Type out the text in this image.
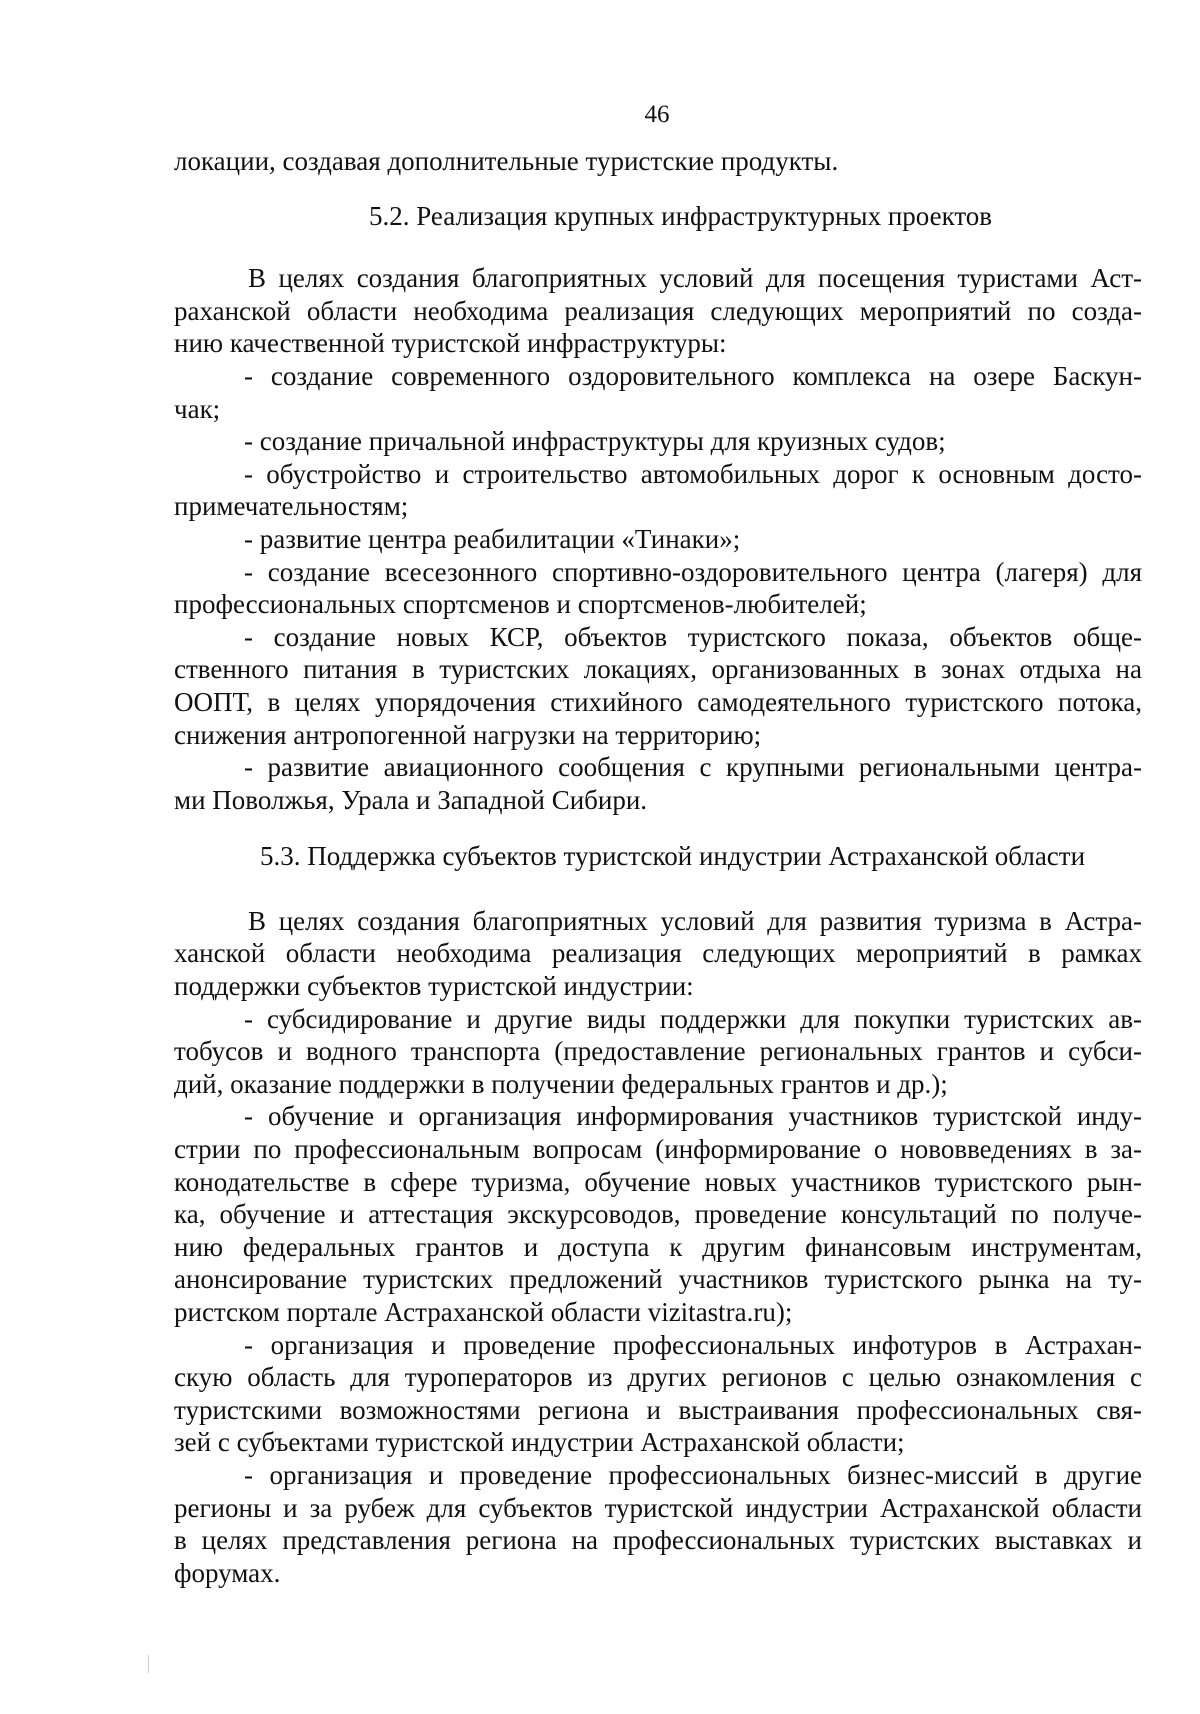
46
локации, создавая дополнительные туристские продукты.
5.2. Реализация крупных инфраструктурных проектов
В целях создания благоприятных условий для посещения туристами Аст-
раханской области необходима реализация следующих мероприятий по созда-
нию качественной туристской инфраструктуры:
- создание современного оздоровительного комплекса на озере Баскун-
чак;
- создание причальной инфраструктуры для круизных судов;
- обустройство и строительство автомобильных дорог к основным досто-
примечательностям;
- развитие центра реабилитации «Тинаки»;
- создание всесезонного спортивно-оздоровительного центра (лагеря) для
профессиональных спортсменов и спортсменов-любителей;
- создание новых КСР, объектов туристского показа, объектов обще-
ственного питания в туристских локациях, организованных в зонах отдыха на
ООПТ, в целях упорядочения стихийного самодеятельного туристского потока,
снижения антропогенной нагрузки на территорию;
- развитие авиационного сообщения с крупными региональными центра-
ми Поволжья, Урала и Западной Сибири.
5.3. Поддержка субъектов туристской индустрии Астраханской области
В целях создания благоприятных условий для развития туризма в Астра-
ханской области необходима реализация следующих мероприятий в рамках
поддержки субъектов туристской индустрии:
- субсидирование и другие виды поддержки для покупки туристских ав-
тобусов и водного транспорта (предоставление региональных грантов и субси-
дий, оказание поддержки в получении федеральных грантов и др.);
- обучение и организация информирования участников туристской инду-
стрии по профессиональным вопросам (информирование о нововведениях в за-
конодательстве в сфере туризма, обучение новых участников туристского рын-
ка, обучение и аттестация экскурсоводов, проведение консультаций по получе-
нию федеральных грантов и доступа к другим финансовым инструментам,
анонсирование туристских предложений участников туристского рынка на ту-
ристском портале Астраханской области vizitastra.ru);
- организация и проведение профессиональных инфотуров в Астрахан-
скую область для туроператоров из других регионов с целью ознакомления с
туристскими возможностями региона и выстраивания профессиональных свя-
зей с субъектами туристской индустрии Астраханской области;
- организация и проведение профессиональных бизнес-миссий в другие
регионы и за рубеж для субъектов туристской индустрии Астраханской области
в целях представления региона на профессиональных туристских выставках и
форумах.
